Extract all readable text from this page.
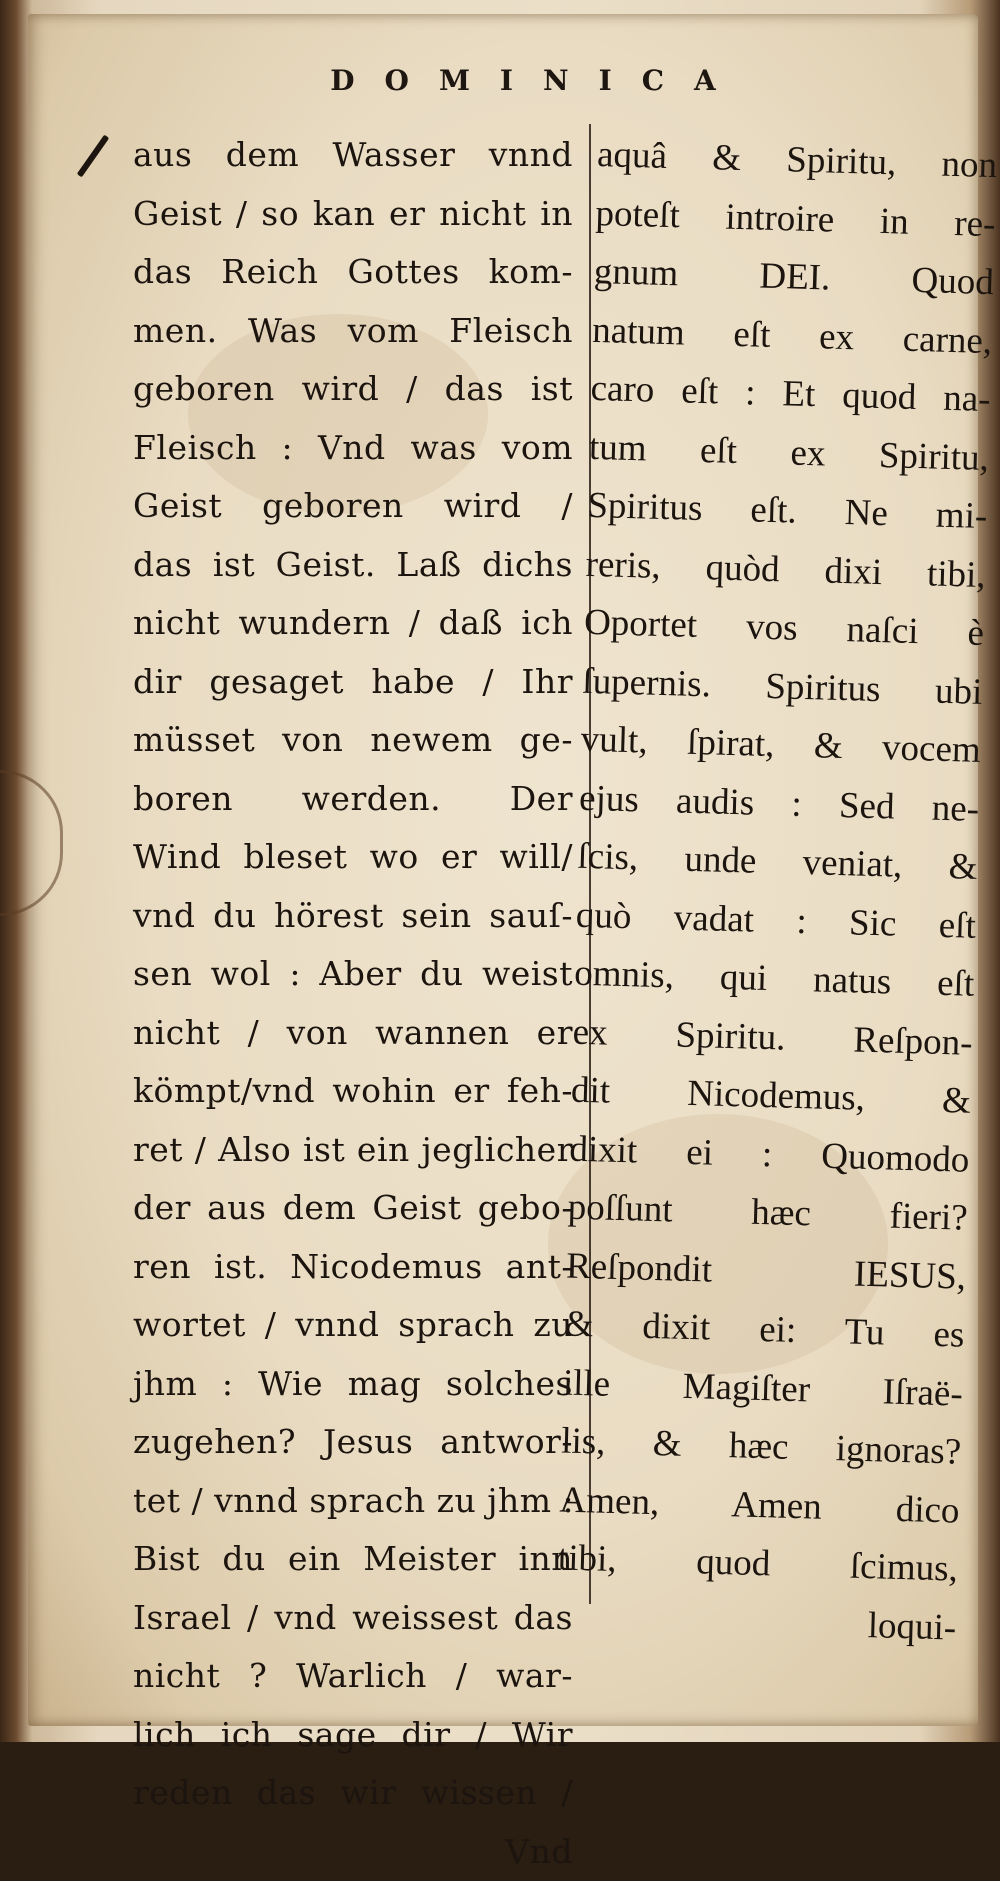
DOMINICA
aus dem Wasser vnnd
Geist / so kan er nicht in
das Reich Gottes kom-
men. Was vom Fleisch
geboren wird / das ist
Fleisch : Vnd was vom
Geist geboren wird /
das ist Geist. Laß dichs
nicht wundern / daß ich
dir gesaget habe / Ihr
müsset von newem ge-
boren werden. Der
Wind bleset wo er will/
vnd du hörest sein sauſ-
sen wol : Aber du weist
nicht / von wannen er
kömpt/vnd wohin er feh-
ret / Also ist ein jeglicher
der aus dem Geist gebo-
ren ist. Nicodemus ant-
wortet / vnnd sprach zu
jhm : Wie mag solches
zugehen? Jesus antwor-
tet / vnnd sprach zu jhm :
Bist du ein Meister inn
Israel / vnd weissest das
nicht ? Warlich / war-
lich ich sage dir / Wir
reden das wir wissen /
Vnd
aquâ & Spiritu, non
poteſt introire in re-
gnum DEI. Quod
natum eſt ex carne,
caro eſt : Et quod na-
tum eſt ex Spiritu,
Spiritus eſt. Ne mi-
reris, quòd dixi tibi,
Oportet vos naſci è
ſupernis. Spiritus ubi
vult, ſpirat, & vocem
ejus audis : Sed ne-
ſcis, unde veniat, &
quò vadat : Sic eſt
omnis, qui natus eſt
ex Spiritu. Reſpon-
dit Nicodemus, &
dixit ei : Quomodo
poſſunt hæc fieri?
Reſpondit IESUS,
& dixit ei: Tu es
ille Magiſter Iſraë-
lis, & hæc ignoras?
Amen, Amen dico
tibi, quod ſcimus,
loqui-
